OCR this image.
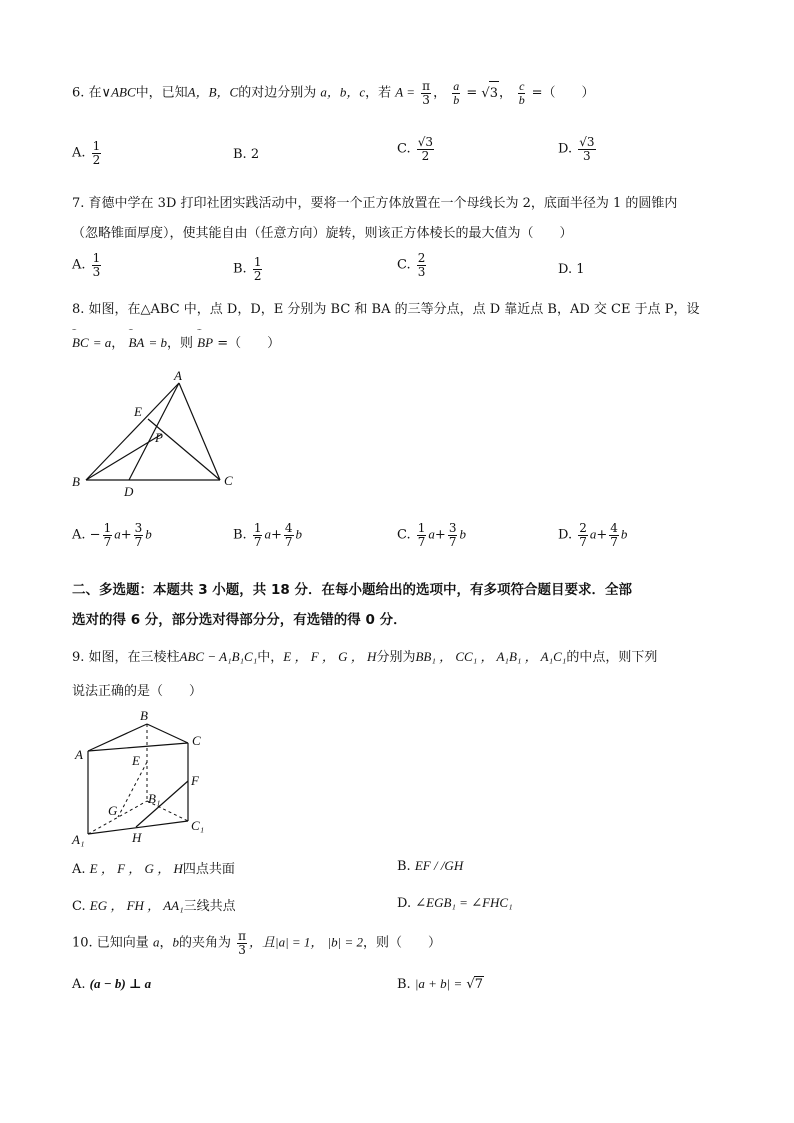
6. 在∨ABC中，已知A，B，C的对边分别为 a，b，c，若 $A = \frac{\pi}{3}$ ， $\frac{a}{b} = √3$， $\frac{c}{b}$ =（　　）
A. $\frac{1}{2}$	B. 2	C. $\frac{√3}{2}$	D. $\frac{√3}{3}$
7. 育德中学在 3D 打印社团实践活动中，要将一个正方体放置在一个母线长为 2，底面半径为 1 的圆锥内
（忽略锥面厚度），使其能自由（任意方向）旋转，则该正方体棱长的最大值为（　　）
A. $\frac{1}{3}$	B. $\frac{1}{2}$	C. $\frac{2}{3}$	D. 1
8. 如图，在△ABC 中，点 D，D，E 分别为 BC 和 BA 的三等分点，点 D 靠近点 B，AD 交 CE 于点 P，设
ᵕᵕᵕ
BC = a，
ᵕᵕᵕ
BA = b，则
ᵕᵕᵕ
BP =（　　）
A
E
P
B
D
C
A. − $\frac{1}{7} a+ \frac{3}{7}$ b	B. $\frac{1}{7} a+ \frac{4}{7}$ b	C. $\frac{1}{7} a+ \frac{3}{7}$ b	D. $\frac{2}{7} a+ \frac{4}{7}$ b
二、多选题：本题共 3 小题，共 18 分．在每小题给出的选项中，有多项符合题目要求．全部
选对的得 6 分，部分选对得部分分，有选错的得 0 分．
9. 如图，在三棱柱ABC − A₁B₁C₁中，E ， F ， G ， H分别为BB₁ ， CC₁ ， A₁B₁ ， A₁C₁的中点，则下列
说法正确的是（　　）
B
C
A	E
F
B₁
G
C₁
A₁	H
A. E ， F ， G ， H四点共面	B. EF / /GH
C. EG ， FH ， AA₁三线共点	D. ∠EGB₁ = ∠FHC₁
10. 已知向量 a，b的夹角为 $\frac{\pi}{3}$ ，且|a| = 1， |b| = 2，则（　　）
A. (a − b) ⊥ a	B. |a + b| = √7
